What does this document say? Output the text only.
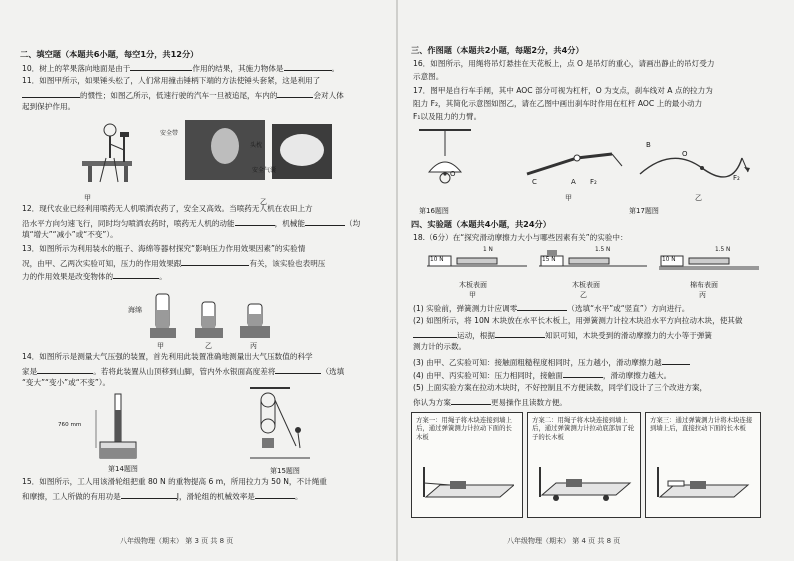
二、填空题（本题共6小题，每空1分，共12分）
10．树上的苹果落向地面是由于	作用的结果，其施力物体是	。
11．如图甲所示，如果锤头松了，人们常用撞击锤柄下端的方法使锤头套紧，这是利用了
的惯性；如图乙所示，低速行驶的汽车一旦被追尾，车内的	会对人体
起到保护作用。
甲	乙
安全带
头枕
安全气囊
12．现代农业已经利用喷药无人机喷洒农药了，安全又高效。当喷药无人机在农田上方
沿水平方向匀速飞行，同时均匀喷洒农药时，喷药无人机的动能	，机械能	（均
填“增大”“减小”或“不变”）。
13．如图所示为利用装水的瓶子、海绵等器材探究“影响压力作用效果因素”的实验情
况，由甲、乙两次实验可知，压力的作用效果跟	有关，该实验也表明压
力的作用效果是改变物体的	。
海绵
甲	乙	丙
14．如图所示是测量大气压强的装置，首先利用此装置准确地测量出大气压数值的科学
家是	。若将此装置从山顶移到山脚，管内外水银面高度差将	（选填
“变大”“变小”或“不变”）。
760 mm
第14题图	第15题图
15．如图所示，工人用该滑轮组把重 80 N 的重物提高 6 m，所用拉力为 50 N，不计绳重
和摩擦，工人所做的有用功是	J，滑轮组的机械效率是	。
八年级物理（期末） 第 3 页 共 8 页
三、作图题（本题共2小题，每题2分，共4分）
16．如图所示，用绳将吊灯悬挂在天花板上，点 O 是吊灯的重心，请画出静止的吊灯受力
示意图。
17．图甲是自行车手闸，其中 AOC 部分可视为杠杆，O 为支点，刹车线对 A 点的拉力为
阻力 F₂，其简化示意图如图乙，请在乙图中画出刹车时作用在杠杆 AOC 上的最小动力
F₁以及阻力的力臂。
O
第16题图
C	A F₂
甲
B
O
F₂
乙
第17题图
四、实验题（本题共4小题，共24分）
18.（6分）在“探究滑动摩擦力大小与哪些因素有关”的实验中：
10 N
1 N
15 N
1.5 N
10 N
1.5 N
木板表面	木板表面	棉布表面
甲	乙	丙
(1) 实验前，弹簧测力计应调零	（选填“水平”或“竖直”）方向进行。
(2) 如图所示，将 10N 木块放在水平长木板上，用弹簧测力计拉木块沿水平方向拉动木块，使其做
运动，根据	知识可知，木块受到的滑动摩擦力的大小等于弹簧
测力计的示数。
(3) 由甲、乙实验可知：接触面粗糙程度相同时，压力越小，滑动摩擦力越
(4) 由甲、丙实验可知：压力相同时，接触面	，滑动摩擦力越大。
(5) 上面实验方案在拉动木块时，不好控制且不方便读数，同学们设计了三个改进方案，
你认为方案	更易操作且读数方便。
方案一：用绳子将木块连接到墙上后，通过弹簧测力计拉动下面的长木板
方案二：用绳子将木块连接到墙上后，通过弹簧测力计拉动底部加了轮子的长木板
方案三：通过弹簧测力计将木块连接到墙上后，直接拉动下面的长木板
八年级物理（期末） 第 4 页 共 8 页
